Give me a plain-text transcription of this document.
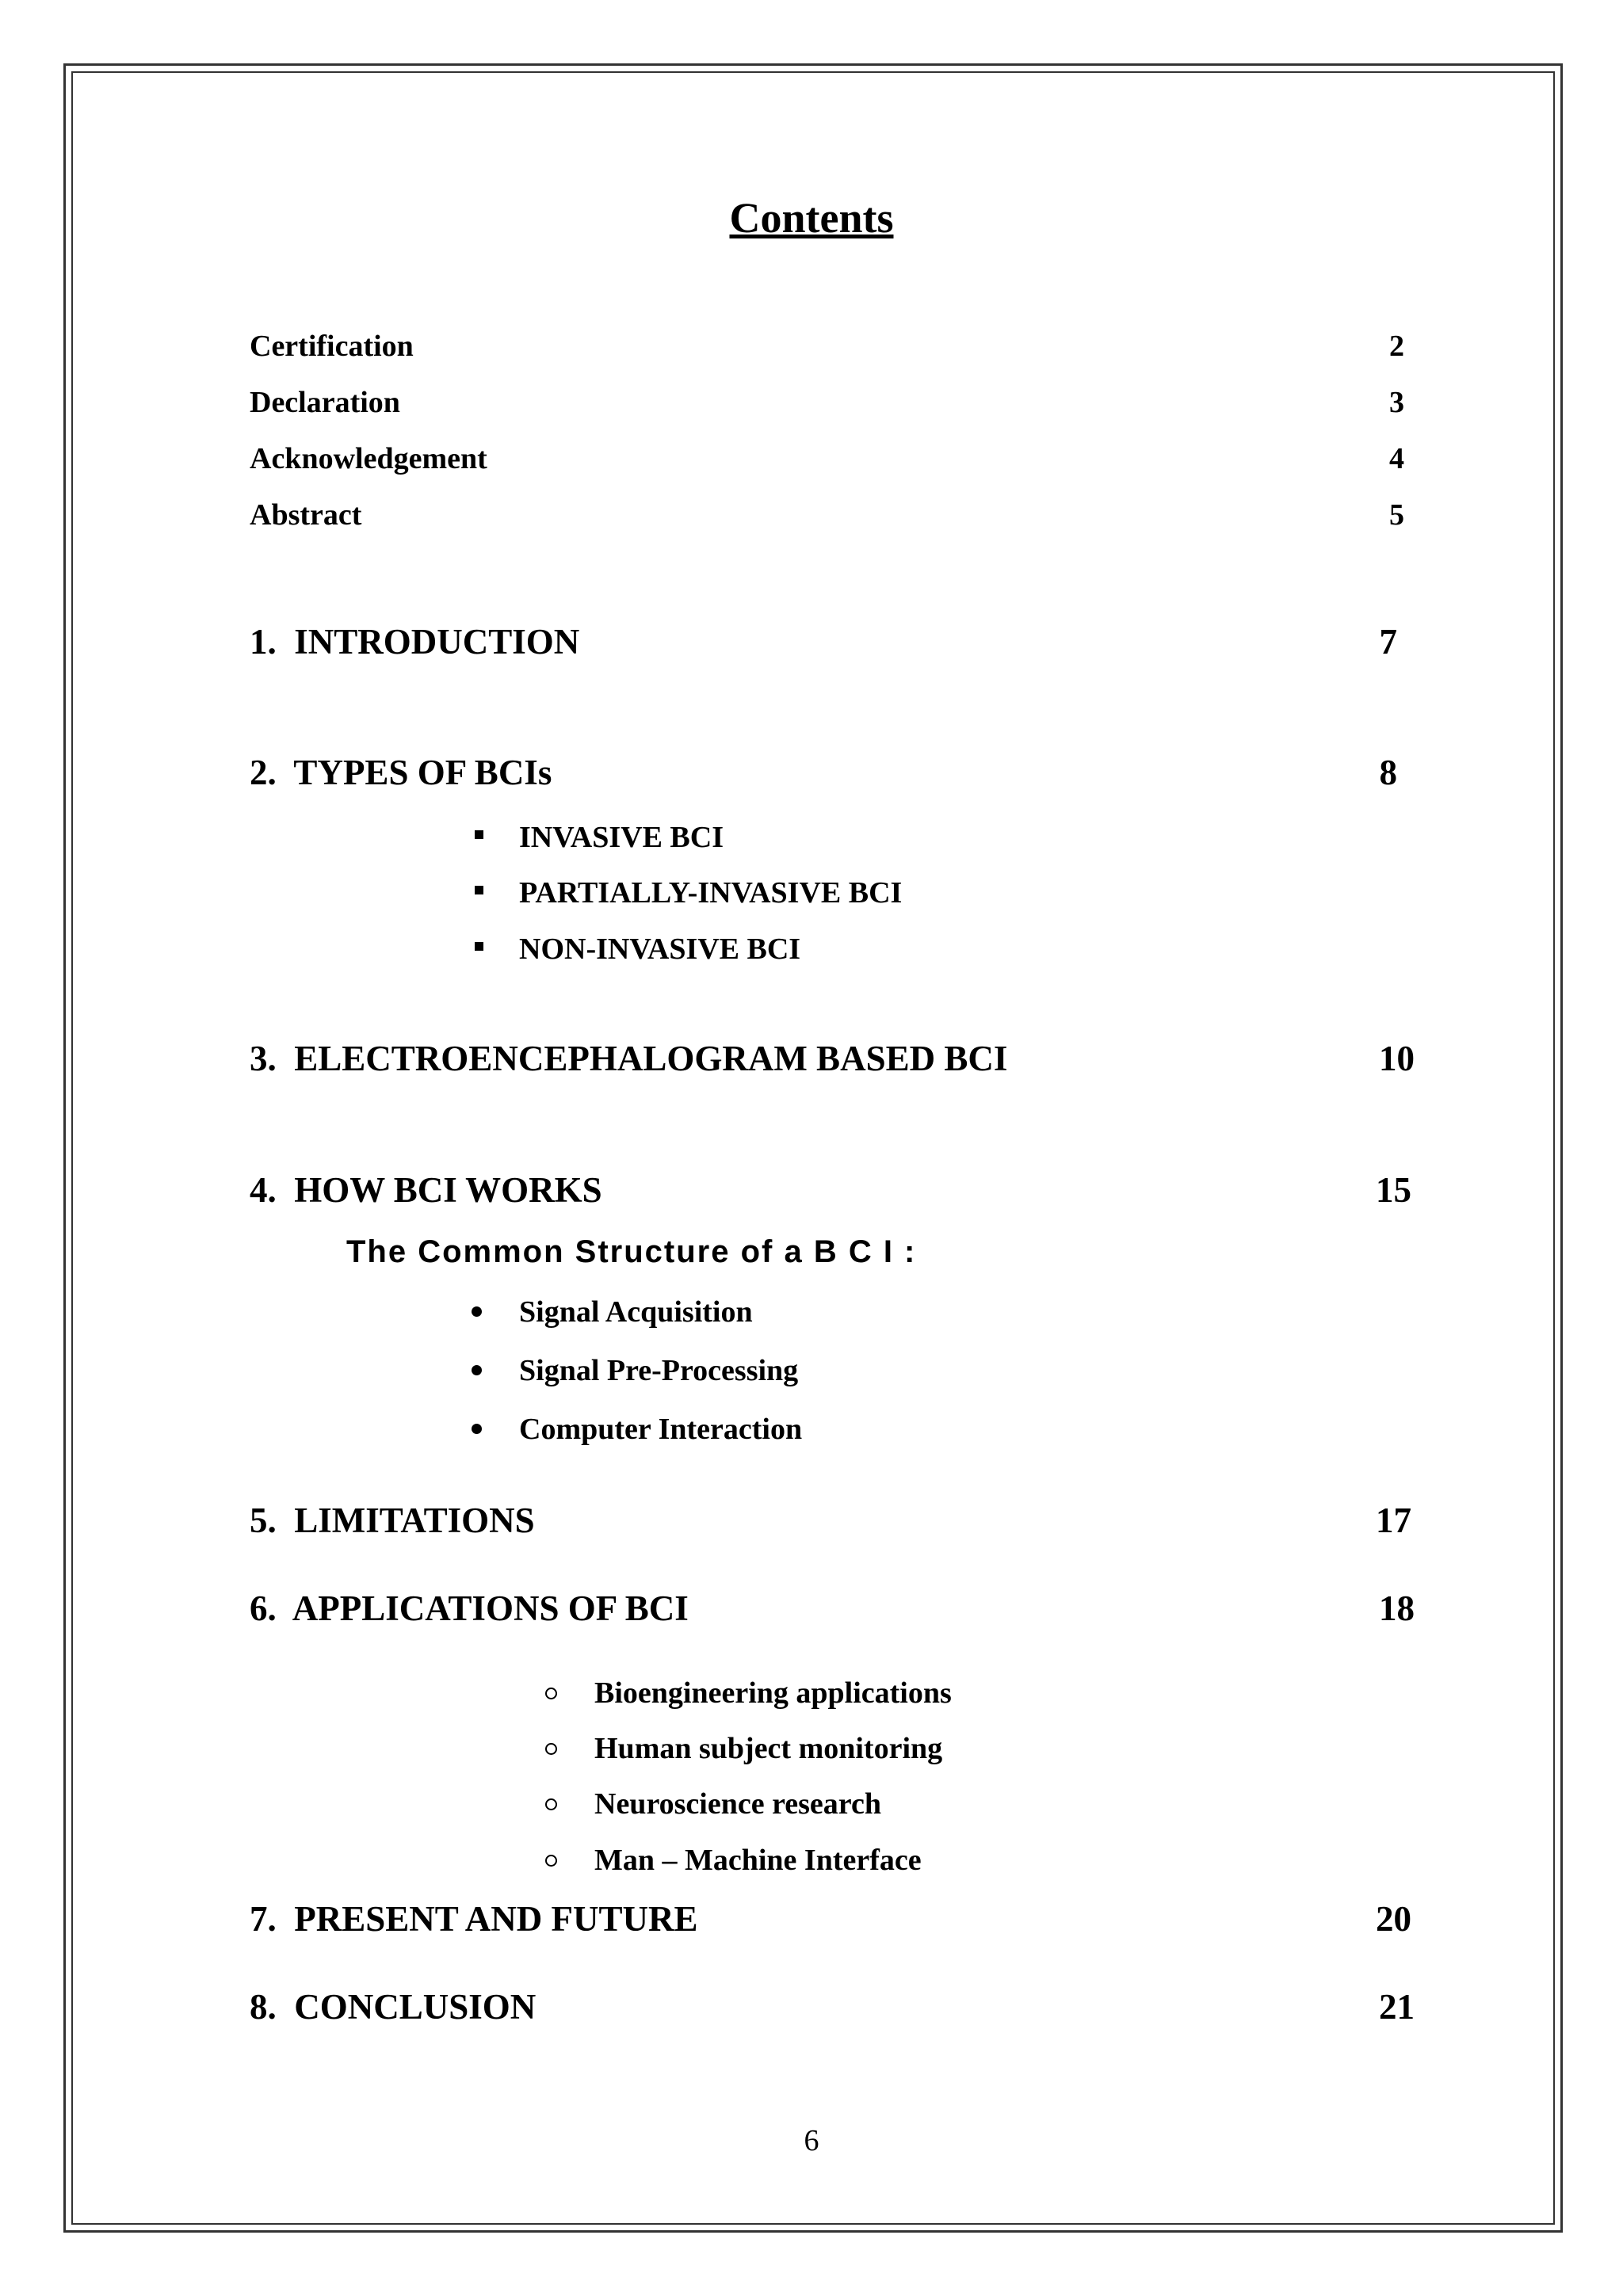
Contents
Certification	2
Declaration	3
Acknowledgement	4
Abstract	5
1.  INTRODUCTION	7
2.  TYPES OF BCIs	8
INVASIVE BCI
PARTIALLY-INVASIVE BCI
NON-INVASIVE BCI
3.  ELECTROENCEPHALOGRAM BASED BCI	10
4.  HOW BCI WORKS	15
The Common Structure of a B C I :
Signal Acquisition
Signal Pre-Processing
Computer Interaction
5.  LIMITATIONS	17
6.  APPLICATIONS OF BCI	18
Bioengineering applications
Human subject monitoring
Neuroscience research
Man – Machine Interface
7.  PRESENT AND FUTURE	20
8.  CONCLUSION	21
6
